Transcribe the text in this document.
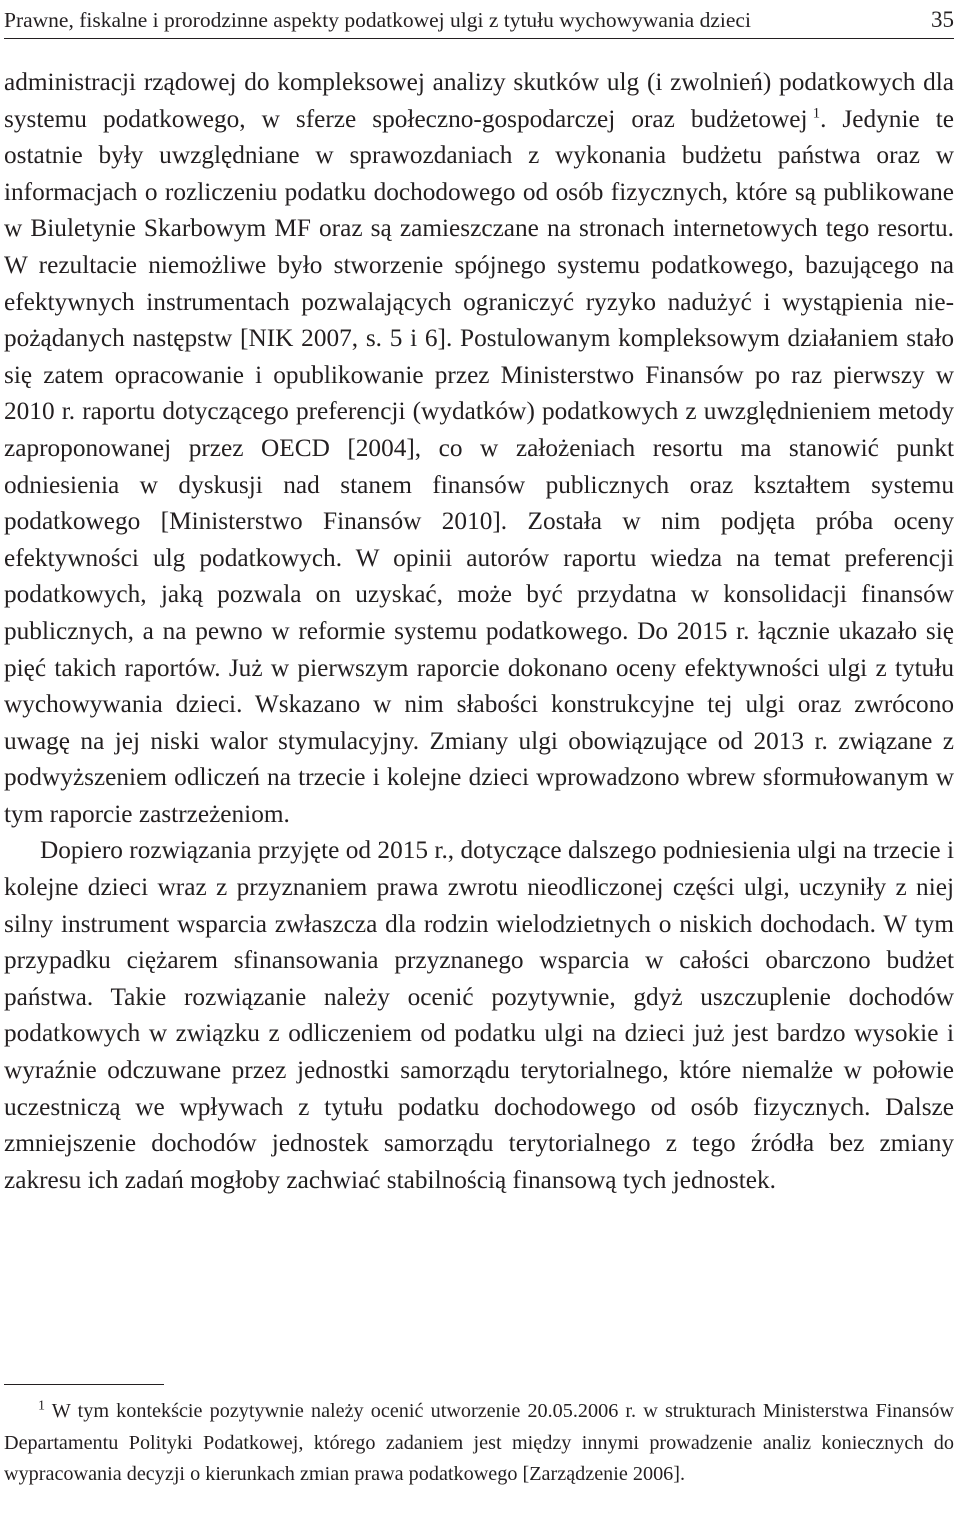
Prawne, fiskalne i prorodzinne aspekty podatkowej ulgi z tytułu wychowywania dzieci	35

administracji rządowej do kompleksowej analizy skutków ulg (i zwolnień) podatkowych dla systemu podatkowego, w sferze społeczno-gospodarczej oraz budżetowej  $^1$. Jedynie te ostatnie były uwzględniane w sprawozdaniach z wykonania budżetu państwa oraz w informacjach o rozliczeniu podatku dochodowego od osób fizycznych, które są publikowane w Biuletynie Skarbowym MF oraz są zamieszczane na stronach internetowych tego resortu. W rezultacie niemożliwe było stworzenie spójnego systemu podatkowego, bazującego na efektywnych instrumentach pozwalających ograniczyć ryzyko nadużyć i wystąpienia niepożądanych następstw [NIK 2007, s. 5 i 6]. Postulowanym kompleksowym działaniem stało się zatem opracowanie i opublikowanie przez Ministerstwo Finansów po raz pierwszy w 2010 r. raportu dotyczącego preferencji (wydatków) podatkowych z uwzględnieniem metody zaproponowanej przez OECD [2004], co w założeniach resortu ma stanowić punkt odniesienia w dyskusji nad stanem finansów publicznych oraz kształtem systemu podatkowego [Ministerstwo Finansów 2010]. Została w nim podjęta próba oceny efektywności ulg podatkowych. W opinii autorów raportu wiedza na temat preferencji podatkowych, jaką pozwala on uzyskać, może być przydatna w konsolidacji finansów publicznych, a na pewno w reformie systemu podatkowego. Do 2015 r. łącznie ukazało się pięć takich raportów. Już w pierwszym raporcie dokonano oceny efektywności ulgi z tytułu wychowywania dzieci. Wskazano w nim słabości konstrukcyjne tej ulgi oraz zwrócono uwagę na jej niski walor stymulacyjny. Zmiany ulgi obowiązujące od 2013 r. związane z podwyższeniem odliczeń na trzecie i kolejne dzieci wprowadzono wbrew sformułowanym w tym raporcie zastrzeżeniom.

Dopiero rozwiązania przyjęte od 2015 r., dotyczące dalszego podniesienia ulgi na trzecie i kolejne dzieci wraz z przyznaniem prawa zwrotu nieodliczonej części ulgi, uczyniły z niej silny instrument wsparcia zwłaszcza dla rodzin wielodzietnych o niskich dochodach. W tym przypadku ciężarem sfinansowania przyznanego wsparcia w całości obarczono budżet państwa. Takie rozwiązanie należy ocenić pozytywnie, gdyż uszczuplenie dochodów podatkowych w związku z odliczeniem od podatku ulgi na dzieci już jest bardzo wysokie i wyraźnie odczuwane przez jednostki samorządu terytorialnego, które niemalże w połowie uczestniczą we wpływach z tytułu podatku dochodowego od osób fizycznych. Dalsze zmniejszenie dochodów jednostek samorządu terytorialnego z tego źródła bez zmiany zakresu ich zadań mogłoby zachwiać stabilnością finansową tych jednostek.

$^1$ W tym kontekście pozytywnie należy ocenić utworzenie 20.05.2006 r. w strukturach Ministerstwa Finansów Departamentu Polityki Podatkowej, którego zadaniem jest między innymi prowadzenie analiz koniecznych do wypracowania decyzji o kierunkach zmian prawa podatkowego [Zarządzenie 2006].
